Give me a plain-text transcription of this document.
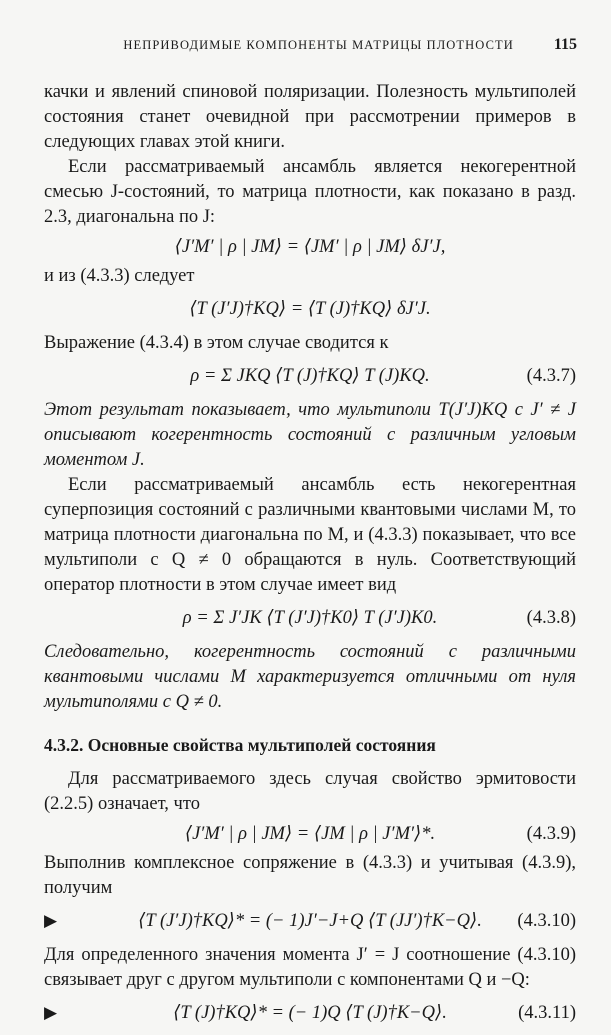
НЕПРИВОДИМЫЕ КОМПОНЕНТЫ МАТРИЦЫ ПЛОТНОСТИ	115

качки и явлений спиновой поляризации. Полезность мультиполей состояния станет очевидной при рассмотрении примеров в следующих главах этой книги.

Если рассматриваемый ансамбль является некогерентной смесью J-состояний, то матрица плотности, как показано в разд. 2.3, диагональна по J:

⟨J′M′ | ρ | JM⟩ = ⟨JM′ | ρ | JM⟩ δJ′J,

и из (4.3.3) следует

⟨T (J′J)†KQ⟩ = ⟨T (J)†KQ⟩ δJ′J.

Выражение (4.3.4) в этом случае сводится к

ρ = Σ JKQ ⟨T (J)†KQ⟩ T (J)KQ.	(4.3.7)

Этот результат показывает, что мультиполи T(J′J)KQ с J′ ≠ J описывают когерентность состояний с различным угловым моментом J.

Если рассматриваемый ансамбль есть некогерентная суперпозиция состояний с различными квантовыми числами M, то матрица плотности диагональна по M, и (4.3.3) показывает, что все мультиполи с Q ≠ 0 обращаются в нуль. Соответствующий оператор плотности в этом случае имеет вид

ρ = Σ J′JK ⟨T (J′J)†K0⟩ T (J′J)K0.	(4.3.8)

Следовательно, когерентность состояний с различными квантовыми числами M характеризуется отличными от нуля мультиполями с Q ≠ 0.

4.3.2. Основные свойства мультиполей состояния

Для рассматриваемого здесь случая свойство эрмитовости (2.2.5) означает, что

⟨J′M′ | ρ | JM⟩ = ⟨JM | ρ | J′M′⟩*.	(4.3.9)

Выполнив комплексное сопряжение в (4.3.3) и учитывая (4.3.9), получим

▶	⟨T (J′J)†KQ⟩* = (− 1)J′−J+Q ⟨T (JJ′)†K−Q⟩.	(4.3.10)

Для определенного значения момента J′ = J соотношение (4.3.10) связывает друг с другом мультиполи с компонентами Q и −Q:

▶	⟨T (J)†KQ⟩* = (− 1)Q ⟨T (J)†K−Q⟩.	(4.3.11)
